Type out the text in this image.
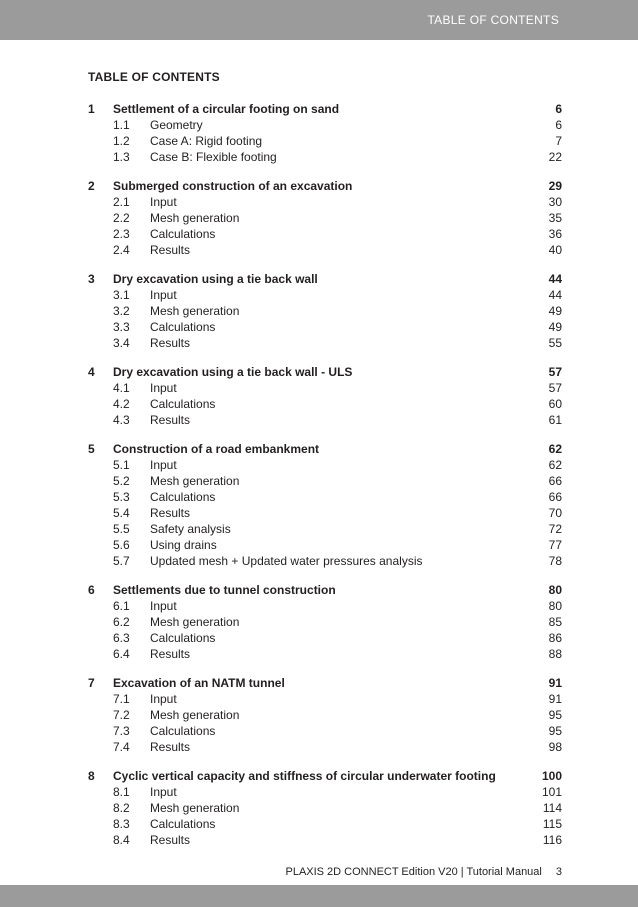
TABLE OF CONTENTS
TABLE OF CONTENTS
1 Settlement of a circular footing on sand	6
1.1 Geometry	6
1.2 Case A: Rigid footing	7
1.3 Case B: Flexible footing	22
2 Submerged construction of an excavation	29
2.1 Input	30
2.2 Mesh generation	35
2.3 Calculations	36
2.4 Results	40
3 Dry excavation using a tie back wall	44
3.1 Input	44
3.2 Mesh generation	49
3.3 Calculations	49
3.4 Results	55
4 Dry excavation using a tie back wall - ULS	57
4.1 Input	57
4.2 Calculations	60
4.3 Results	61
5 Construction of a road embankment	62
5.1 Input	62
5.2 Mesh generation	66
5.3 Calculations	66
5.4 Results	70
5.5 Safety analysis	72
5.6 Using drains	77
5.7 Updated mesh + Updated water pressures analysis	78
6 Settlements due to tunnel construction	80
6.1 Input	80
6.2 Mesh generation	85
6.3 Calculations	86
6.4 Results	88
7 Excavation of an NATM tunnel	91
7.1 Input	91
7.2 Mesh generation	95
7.3 Calculations	95
7.4 Results	98
8 Cyclic vertical capacity and stiffness of circular underwater footing	100
8.1 Input	101
8.2 Mesh generation	114
8.3 Calculations	115
8.4 Results	116
PLAXIS 2D CONNECT Edition V20 | Tutorial Manual 3
